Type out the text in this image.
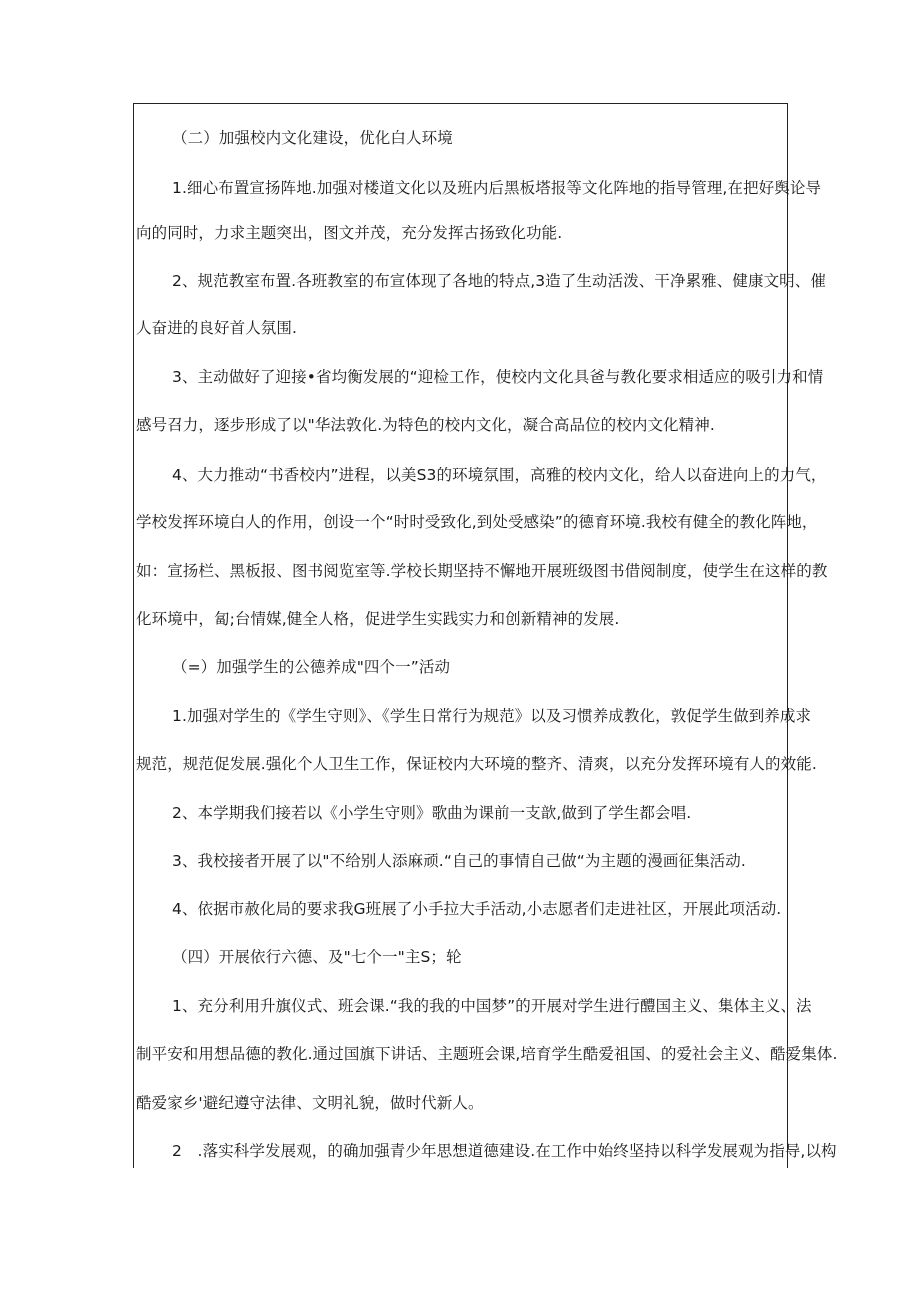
（二）加强校内文化建设，优化白人环境
1.细心布置宣扬阵地.加强对楼道文化以及班内后黑板塔报等文化阵地的指导管理,在把好舆论导
向的同时，力求主题突出，图文并茂，充分发挥古扬致化功能.
2、规范教室布置.各班教室的布宣体现了各地的特点,3造了生动活泼、干净累雅、健康文明、催
人奋进的良好首人氛围.
3、主动做好了迎接•省均衡发展的“迎检工作，使校内文化具爸与教化要求相适应的吸引力和情
感号召力，逐步形成了以"华法敦化.为特色的校内文化，凝合高品位的校内文化精神.
4、大力推动“书香校内”进程，以美S3的环境氛围，高雅的校内文化，给人以奋进向上的力气，
学校发挥环境白人的作用，创设一个“时时受致化,到处受感染”的德育环境.我校有健全的教化阵地，
如：宣扬栏、黑板报、图书阅览室等.学校长期坚持不懈地开展班级图书借阅制度，使学生在这样的教
化环境中，匐;台情媒,健全人格，促进学生实践实力和创新精神的发展.
（=）加强学生的公德养成"四个一”活动
1.加强对学生的《学生守则》、《学生日常行为规范》以及习惯养成教化，敦促学生做到养成求
规范，规范促发展.强化个人卫生工作，保证校内大环境的整齐、清爽，以充分发挥环境有人的效能.
2、本学期我们接若以《小学生守则》歌曲为课前一支歆,做到了学生都会唱.
3、我校接者开展了以"不给别人添麻顽.“自己的事情自己做“为主题的漫画征集活动.
4、依据市赦化局的要求我G班展了小手拉大手活动,小志愿者们走进社区，开展此项活动.
（四）开展依行六德、及"七个一"主S；轮
1、充分利用升旗仪式、班会课.“我的我的中国梦”的开展对学生进行醴国主义、集体主义、法
制平安和用想品德的教化.通过国旗下讲话、主题班会课,培育学生酷爱祖国、的爱社会主义、酷爱集体.
酷爱家乡'避纪遵守法律、文明礼貌，做时代新人。
2　.落实科学发展观，的确加强青少年思想道德建设.在工作中始终坚持以科学发展观为指导,以构
